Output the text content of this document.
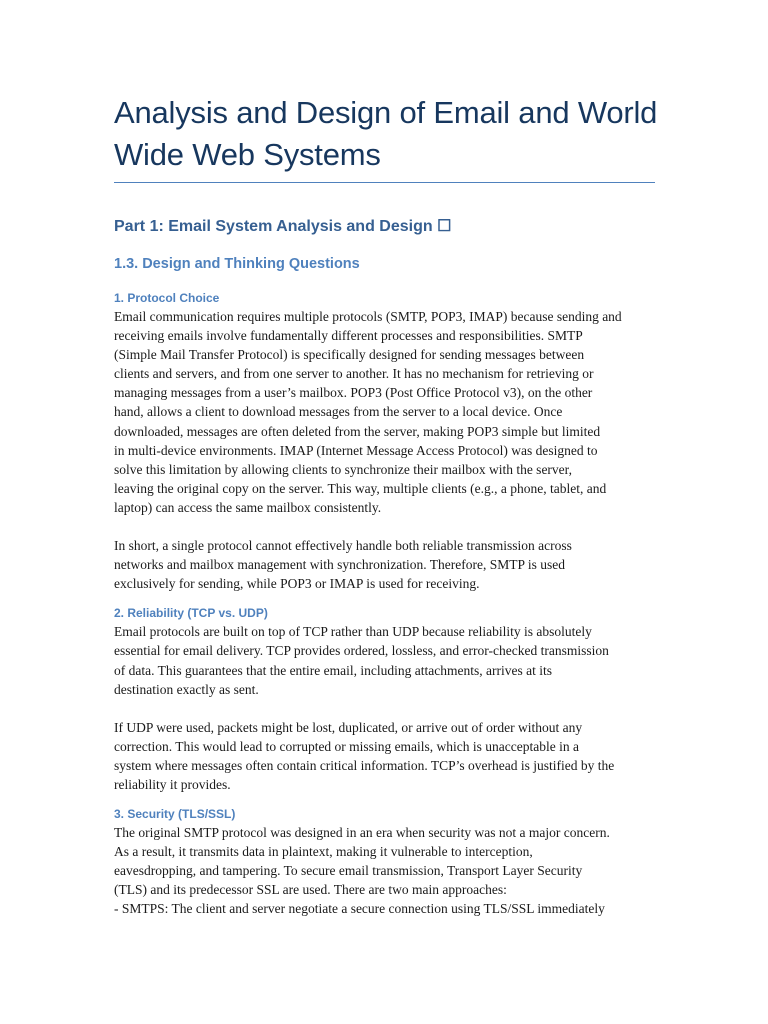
Analysis and Design of Email and World
Wide Web Systems
Part 1: Email System Analysis and Design ☐
1.3. Design and Thinking Questions
1. Protocol Choice

Email communication requires multiple protocols (SMTP, POP3, IMAP) because sending and
receiving emails involve fundamentally different processes and responsibilities. SMTP
(Simple Mail Transfer Protocol) is specifically designed for sending messages between
clients and servers, and from one server to another. It has no mechanism for retrieving or
managing messages from a user’s mailbox. POP3 (Post Office Protocol v3), on the other
hand, allows a client to download messages from the server to a local device. Once
downloaded, messages are often deleted from the server, making POP3 simple but limited
in multi-device environments. IMAP (Internet Message Access Protocol) was designed to
solve this limitation by allowing clients to synchronize their mailbox with the server,
leaving the original copy on the server. This way, multiple clients (e.g., a phone, tablet, and
laptop) can access the same mailbox consistently.

In short, a single protocol cannot effectively handle both reliable transmission across
networks and mailbox management with synchronization. Therefore, SMTP is used
exclusively for sending, while POP3 or IMAP is used for receiving.

2. Reliability (TCP vs. UDP)

Email protocols are built on top of TCP rather than UDP because reliability is absolutely
essential for email delivery. TCP provides ordered, lossless, and error-checked transmission
of data. This guarantees that the entire email, including attachments, arrives at its
destination exactly as sent.

If UDP were used, packets might be lost, duplicated, or arrive out of order without any
correction. This would lead to corrupted or missing emails, which is unacceptable in a
system where messages often contain critical information. TCP’s overhead is justified by the
reliability it provides.

3. Security (TLS/SSL)

The original SMTP protocol was designed in an era when security was not a major concern.
As a result, it transmits data in plaintext, making it vulnerable to interception,
eavesdropping, and tampering. To secure email transmission, Transport Layer Security
(TLS) and its predecessor SSL are used. There are two main approaches:
- SMTPS: The client and server negotiate a secure connection using TLS/SSL immediately
